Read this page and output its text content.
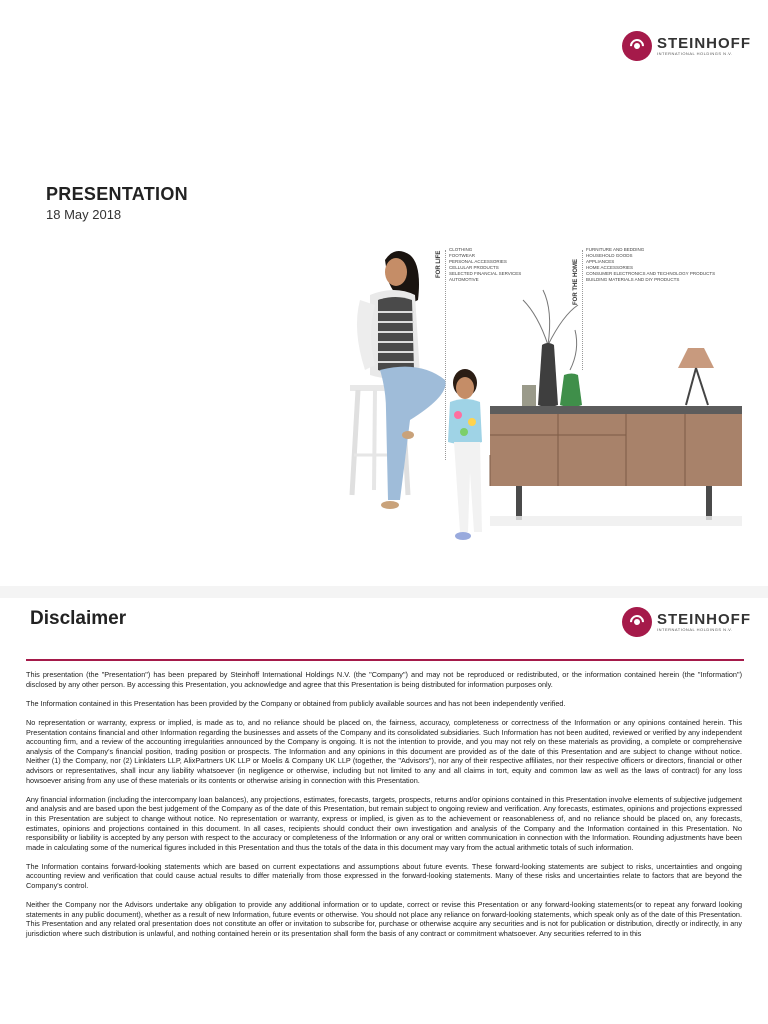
STEINHOFF
INTERNATIONAL HOLDINGS N.V.
PRESENTATION
18 May 2018
FOR LIFE
CLOTHING
FOOTWEAR
PERSONAL ACCESSORIES
CELLULAR PRODUCTS
SELECTED FINANCIAL SERVICES
AUTOMOTIVE	FOR THE HOME
FURNITURE AND BEDDING
HOUSEHOLD GOODS
APPLIANCES
HOME ACCESSORIES
CONSUMER ELECTRONICS AND TECHNOLOGY PRODUCTS
BUILDING MATERIALS AND DIY PRODUCTS
Disclaimer	STEINHOFF
INTERNATIONAL HOLDINGS N.V.

This presentation (the "Presentation") has been prepared by Steinhoff International Holdings N.V. (the "Company") and may not be reproduced or redistributed, or the information contained herein (the "Information") disclosed by any other person. By accessing this Presentation, you acknowledge and agree that this Presentation is being distributed for information purposes only.

The Information contained in this Presentation has been provided by the Company or obtained from publicly available sources and has not been independently verified.

No representation or warranty, express or implied, is made as to, and no reliance should be placed on, the fairness, accuracy, completeness or correctness of the Information or any opinions contained herein. This Presentation contains financial and other Information regarding the businesses and assets of the Company and its consolidated subsidiaries. Such Information has not been audited, reviewed or verified by any independent accounting firm, and a review of the accounting irregularities announced by the Company is ongoing. It is not the intention to provide, and you may not rely on these materials as providing, a complete or comprehensive analysis of the Company's financial position, trading position or prospects. The Information and any opinions in this document are provided as of the date of this Presentation and are subject to change without notice. Neither (1) the Company, nor (2) Linklaters LLP, AlixPartners UK LLP or Moelis & Company UK LLP (together, the "Advisors"), nor any of their respective affiliates, nor their respective officers or directors, financial or other advisors or representatives, shall incur any liability whatsoever (in negligence or otherwise, including but not limited to any and all claims in tort, equity and common law as well as the laws of contract) for any loss howsoever arising from any use of these materials or its contents or otherwise arising in connection with this Presentation.

Any financial information (including the intercompany loan balances), any projections, estimates, forecasts, targets, prospects, returns and/or opinions contained in this Presentation involve elements of subjective judgement and analysis and are based upon the best judgement of the Company as of the date of this Presentation, but remain subject to ongoing review and verification. Any forecasts, estimates, opinions and projections expressed in this Presentation are subject to change without notice. No representation or warranty, express or implied, is given as to the achievement or reasonableness of, and no reliance should be placed on, any forecasts, estimates, opinions and projections contained in this document. In all cases, recipients should conduct their own investigation and analysis of the Company and the Information contained in this Presentation. No responsibility or liability is accepted by any person with respect to the accuracy or completeness of the Information or any oral or written communication in connection with the Information. Rounding adjustments have been made in calculating some of the numerical figures included in this Presentation and thus the totals of the data in this document may vary from the actual arithmetic totals of such information.

The Information contains forward-looking statements which are based on current expectations and assumptions about future events. These forward-looking statements are subject to risks, uncertainties and ongoing accounting review and verification that could cause actual results to differ materially from those expressed in the forward-looking statements. Many of these risks and uncertainties relate to factors that are beyond the Company's control.

Neither the Company nor the Advisors undertake any obligation to provide any additional information or to update, correct or revise this Presentation or any forward-looking statements(or to repeat any forward looking statements in any public document), whether as a result of new Information, future events or otherwise. You should not place any reliance on forward-looking statements, which speak only as of the date of this Presentation. This Presentation and any related oral presentation does not constitute an offer or invitation to subscribe for, purchase or otherwise acquire any securities and is not for publication or distribution, directly or indirectly, in any jurisdiction where such distribution is unlawful, and nothing contained herein or its presentation shall form the basis of any contract or commitment whatsoever. Any securities referred to in this
